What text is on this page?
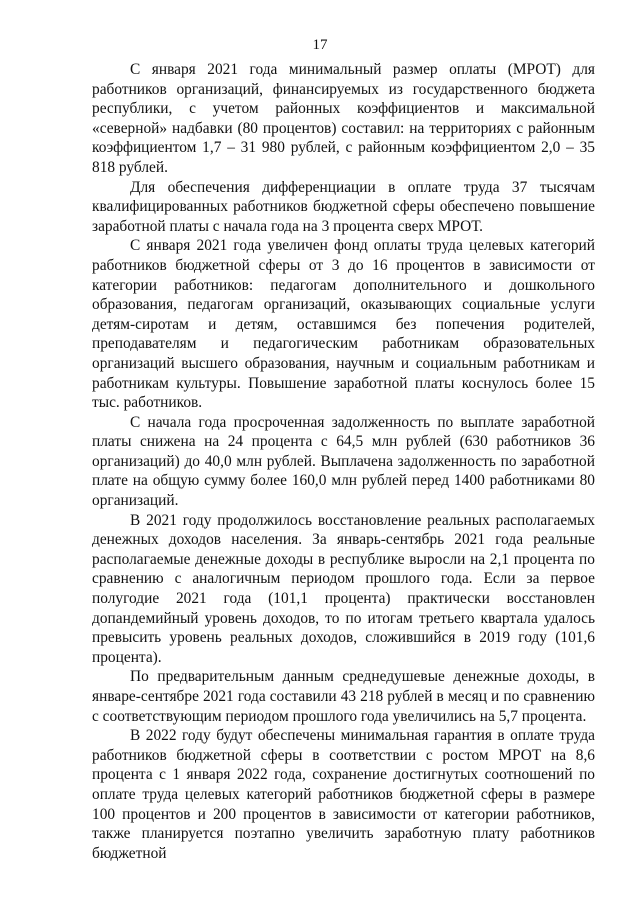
17

С января 2021 года минимальный размер оплаты (МРОТ) для работников организаций, финансируемых из государственного бюджета республики, с учетом районных коэффициентов и максимальной «северной» надбавки (80 процентов) составил: на территориях с районным коэффициентом 1,7 – 31 980 рублей, с районным коэффициентом 2,0 – 35 818 рублей.

Для обеспечения дифференциации в оплате труда 37 тысячам квалифицированных работников бюджетной сферы обеспечено повышение заработной платы с начала года на 3 процента сверх МРОТ.

С января 2021 года увеличен фонд оплаты труда целевых категорий работников бюджетной сферы от 3 до 16 процентов в зависимости от категории работников: педагогам дополнительного и дошкольного образования, педагогам организаций, оказывающих социальные услуги детям-сиротам и детям, оставшимся без попечения родителей, преподавателям и педагогическим работникам образовательных организаций высшего образования, научным и социальным работникам и работникам культуры. Повышение заработной платы коснулось более 15 тыс. работников.

С начала года просроченная задолженность по выплате заработной платы снижена на 24 процента с 64,5 млн рублей (630 работников 36 организаций) до 40,0 млн рублей. Выплачена задолженность по заработной плате на общую сумму более 160,0 млн рублей перед 1400 работниками 80 организаций.

В 2021 году продолжилось восстановление реальных располагаемых денежных доходов населения. За январь-сентябрь 2021 года реальные располагаемые денежные доходы в республике выросли на 2,1 процента по сравнению с аналогичным периодом прошлого года. Если за первое полугодие 2021 года (101,1 процента) практически восстановлен допандемийный уровень доходов, то по итогам третьего квартала удалось превысить уровень реальных доходов, сложившийся в 2019 году (101,6 процента).

По предварительным данным среднедушевые денежные доходы, в январе-сентябре 2021 года составили 43 218 рублей в месяц и по сравнению с соответствующим периодом прошлого года увеличились на 5,7 процента.

В 2022 году будут обеспечены минимальная гарантия в оплате труда работников бюджетной сферы в соответствии с ростом МРОТ на 8,6 процента с 1 января 2022 года, сохранение достигнутых соотношений по оплате труда целевых категорий работников бюджетной сферы в размере 100 процентов и 200 процентов в зависимости от категории работников, также планируется поэтапно увеличить заработную плату работников бюджетной
